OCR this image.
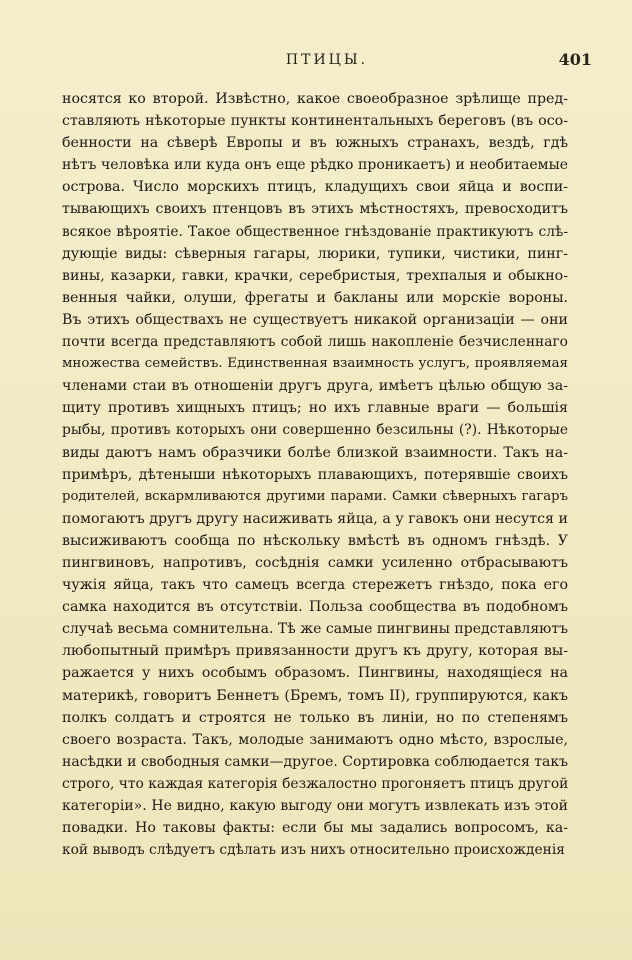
ПТИЦЫ.	401
носятся ко второй. Извѣстно, какое своеобразное зрѣлище пред-
ставляють нѣкоторые пункты континентальныхъ береговъ (въ осо-
бенности на сѣверѣ Европы и въ южныхъ странахъ, вездѣ, гдѣ
нѣтъ человѣка или куда онъ еще рѣдко проникаетъ) и необитаемые
острова. Число морскихъ птицъ, кладущихъ свои яйца и воспи-
тывающихъ своихъ птенцовъ въ этихъ мѣстностяхъ, превосходитъ
всякое вѣроятіе. Такое общественное гнѣздованіе практикуютъ слѣ-
дующіе виды: сѣверныя гагары, люрики, тупики, чистики, пинг-
вины, казарки, гавки, крачки, серебристыя, трехпалыя и обыкно-
венныя чайки, олуши, фрегаты и бакланы или морскіе вороны.
Въ этихъ обществахъ не существуетъ никакой организаціи — они
почти всегда представляютъ собой лишь накопленіе безчисленнаго
множества семействъ. Единственная взаимность услугъ, проявляемая
членами стаи въ отношеніи другъ друга, имѣетъ цѣлью общую за-
щиту противъ хищныхъ птицъ; но ихъ главные враги — большія
рыбы, противъ которыхъ они совершенно безсильны (?). Нѣкоторые
виды даютъ намъ образчики болѣе близкой взаимности. Такъ на-
примѣръ, дѣтеныши нѣкоторыхъ плавающихъ, потерявшіе своихъ
родителей, вскармливаются другими парами. Самки сѣверныхъ гагаръ
помогаютъ другъ другу насиживать яйца, а у гавокъ они несутся и
высиживаютъ сообща по нѣскольку вмѣстѣ въ одномъ гнѣздѣ. У
пингвиновъ, напротивъ, сосѣднія самки усиленно отбрасываютъ
чужія яйца, такъ что самецъ всегда стережетъ гнѣздо, пока его
самка находится въ отсутствіи. Польза сообщества въ подобномъ
случаѣ весьма сомнительна. Тѣ же самые пингвины представляютъ
любопытный примѣръ привязанности другъ къ другу, которая вы-
ражается у нихъ особымъ образомъ. Пингвины, находящіеся на
материкѣ, говоритъ Беннетъ (Бремъ, томъ II), группируются, какъ
полкъ солдатъ и строятся не только въ линіи, но по степенямъ
своего возраста. Такъ, молодые занимаютъ одно мѣсто, взрослые,
насѣдки и свободныя самки—другое. Сортировка соблюдается такъ
строго, что каждая категорія безжалостно прогоняетъ птицъ другой
категоріи». Не видно, какую выгоду они могутъ извлекать изъ этой
повадки. Но таковы факты: если бы мы задались вопросомъ, ка-
кой выводъ слѣдуетъ сдѣлать изъ нихъ относительно происхожденія
